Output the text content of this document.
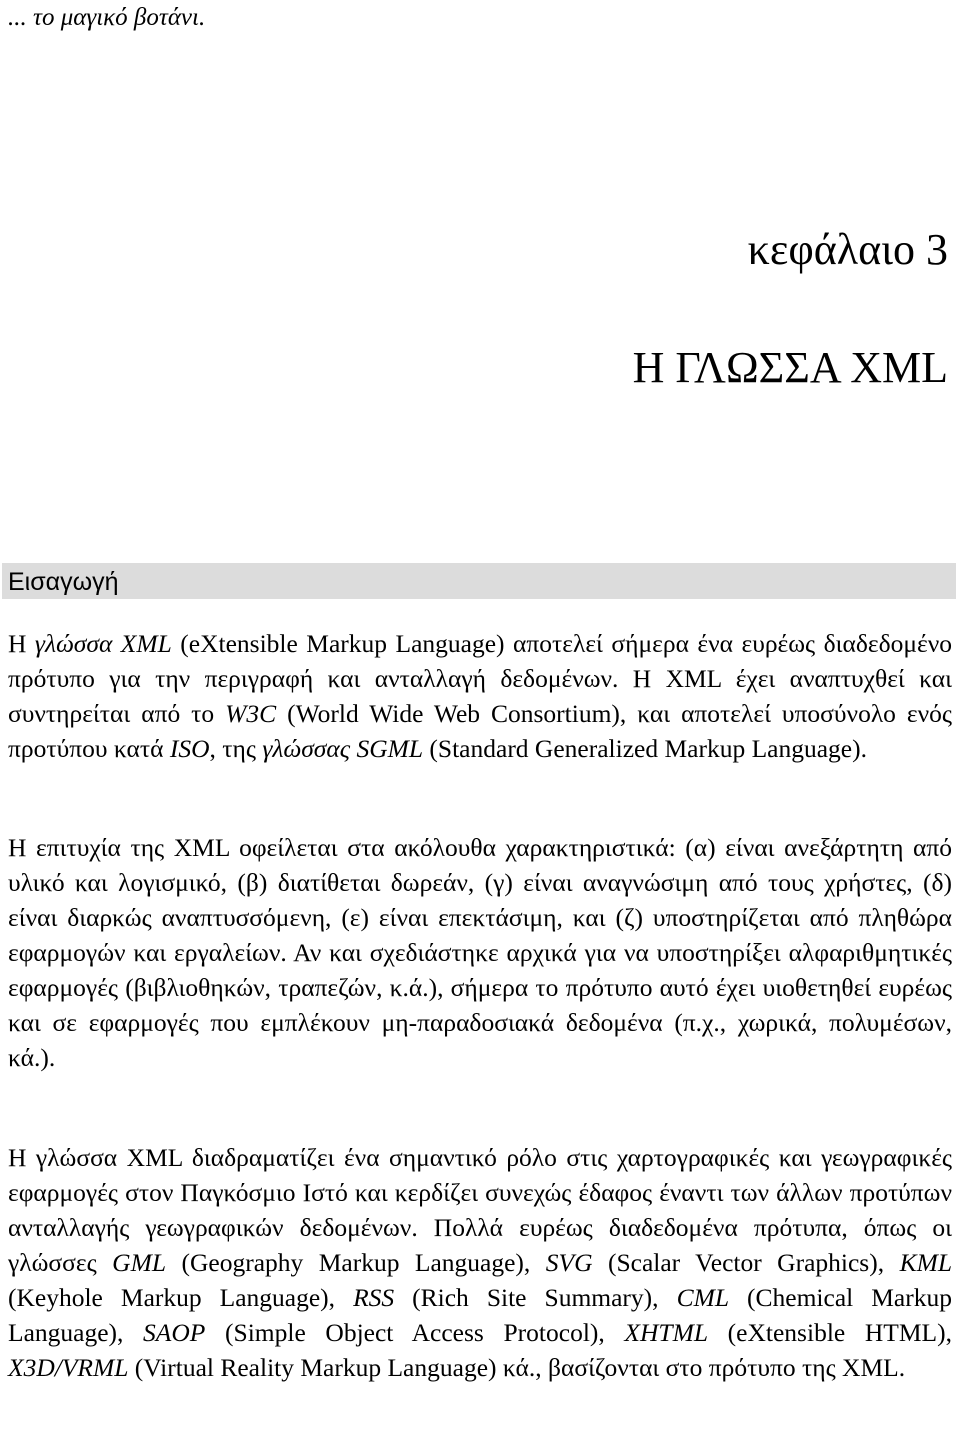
... το μαγικό βοτάνι.
κεφάλαιο 3
Η ΓΛΩΣΣΑ XML
Εισαγωγή
Η γλώσσα XML (eXtensible Markup Language) αποτελεί σήμερα ένα ευρέως διαδεδομένο πρότυπο για την περιγραφή και ανταλλαγή δεδομένων. Η XML έχει αναπτυχθεί και συντηρείται από το W3C (World Wide Web Consortium), και αποτελεί υποσύνολο ενός προτύπου κατά ISO, της γλώσσας SGML (Standard Generalized Markup Language).
Η επιτυχία της XML οφείλεται στα ακόλουθα χαρακτηριστικά: (α) είναι ανεξάρτητη από υλικό και λογισμικό, (β) διατίθεται δωρεάν, (γ) είναι αναγνώσιμη από τους χρήστες, (δ) είναι διαρκώς αναπτυσσόμενη, (ε) είναι επεκτάσιμη, και (ζ) υποστηρίζεται από πληθώρα εφαρμογών και εργαλείων. Αν και σχεδιάστηκε αρχικά για να υποστηρίξει αλφαριθμητικές εφαρμογές (βιβλιοθηκών, τραπεζών, κ.ά.), σήμερα το πρότυπο αυτό έχει υιοθετηθεί ευρέως και σε εφαρμογές που εμπλέκουν μη-παραδοσιακά δεδομένα (π.χ., χωρικά, πολυμέσων, κά.).
Η γλώσσα XML διαδραματίζει ένα σημαντικό ρόλο στις χαρτογραφικές και γεωγραφικές εφαρμογές στον Παγκόσμιο Ιστό και κερδίζει συνεχώς έδαφος έναντι των άλλων προτύπων ανταλλαγής γεωγραφικών δεδομένων. Πολλά ευρέως διαδεδομένα πρότυπα, όπως οι γλώσσες GML (Geography Markup Language), SVG (Scalar Vector Graphics), KML (Keyhole Markup Language), RSS (Rich Site Summary), CML (Chemical Markup Language), SAOP (Simple Object Access Protocol), XHTML (eXtensible HTML), X3D/VRML (Virtual Reality Markup Language) κά., βασίζονται στο πρότυπο της XML.
